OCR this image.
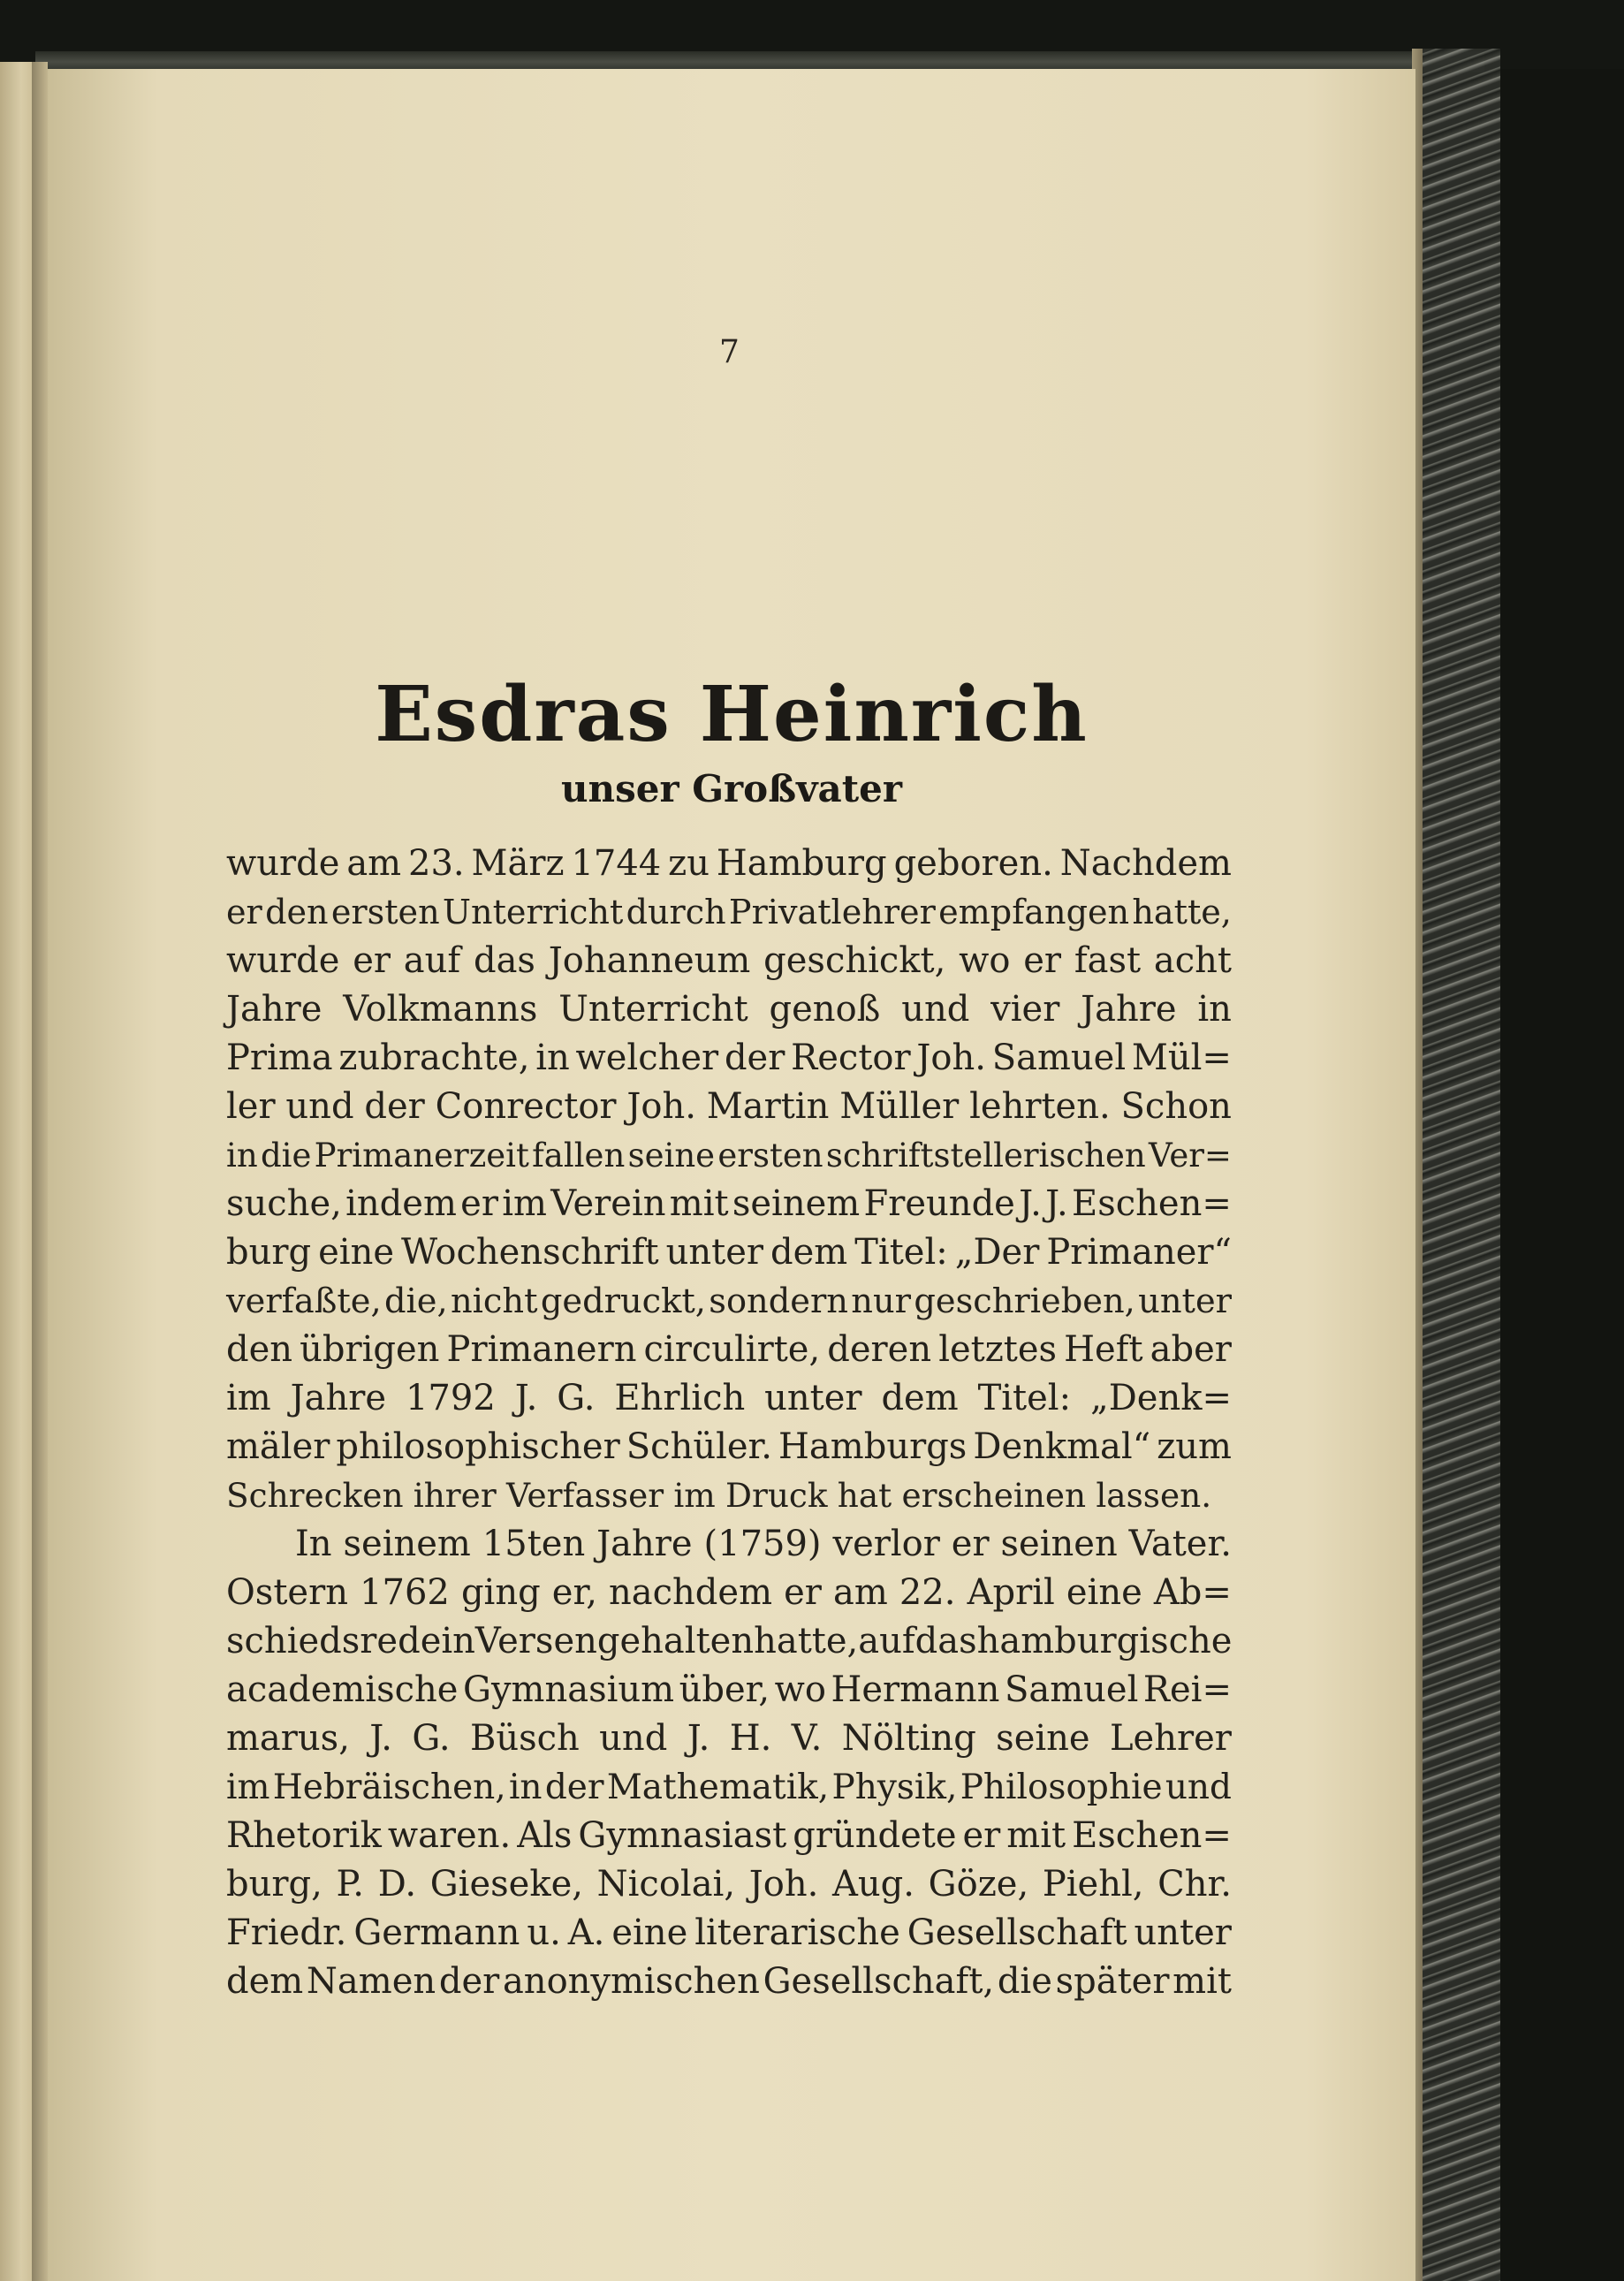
7
Esdras Heinrich
unser Großvater
wurde am 23. März 1744 zu Hamburg geboren. Nachdem
er den ersten Unterricht durch Privatlehrer empfangen hatte,
wurde er auf das Johanneum geschickt, wo er fast acht
Jahre Volkmanns Unterricht genoß und vier Jahre in
Prima zubrachte, in welcher der Rector Joh. Samuel Mül=
ler und der Conrector Joh. Martin Müller lehrten. Schon
in die Primanerzeit fallen seine ersten schriftstellerischen Ver=
suche, indem er im Verein mit seinem Freunde J. J. Eschen=
burg eine Wochenschrift unter dem Titel: „Der Primaner“
verfaßte, die, nicht gedruckt, sondern nur geschrieben, unter
den übrigen Primanern circulirte, deren letztes Heft aber
im Jahre 1792 J. G. Ehrlich unter dem Titel: „Denk=
mäler philosophischer Schüler. Hamburgs Denkmal“ zum
Schrecken ihrer Verfasser im Druck hat erscheinen lassen.
In seinem 15ten Jahre (1759) verlor er seinen Vater.
Ostern 1762 ging er, nachdem er am 22. April eine Ab=
schiedsrede in Versen gehalten hatte, auf das hamburgische
academische Gymnasium über, wo Hermann Samuel Rei=
marus, J. G. Büsch und J. H. V. Nölting seine Lehrer
im Hebräischen, in der Mathematik, Physik, Philosophie und
Rhetorik waren. Als Gymnasiast gründete er mit Eschen=
burg, P. D. Gieseke, Nicolai, Joh. Aug. Göze, Piehl, Chr.
Friedr. Germann u. A. eine literarische Gesellschaft unter
dem Namen der anonymischen Gesellschaft, die später mit
